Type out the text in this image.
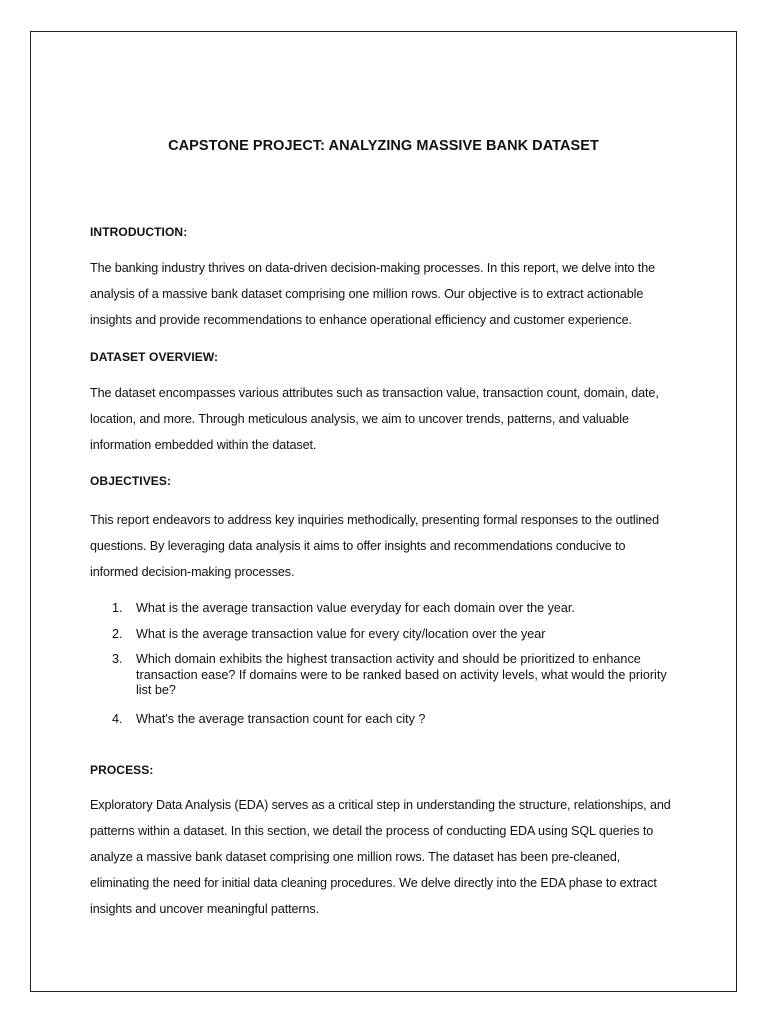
CAPSTONE PROJECT: ANALYZING MASSIVE BANK DATASET
INTRODUCTION:
The banking industry thrives on data-driven decision-making processes. In this report, we delve into the
analysis of a massive bank dataset comprising one million rows. Our objective is to extract actionable
insights and provide recommendations to enhance operational efficiency and customer experience.
DATASET OVERVIEW:
The dataset encompasses various attributes such as transaction value, transaction count, domain, date,
location, and more. Through meticulous analysis, we aim to uncover trends, patterns, and valuable
information embedded within the dataset.
OBJECTIVES:
This report endeavors to address key inquiries methodically, presenting formal responses to the outlined
questions. By leveraging data analysis it aims to offer insights and recommendations conducive to
informed decision-making processes.
1. What is the average transaction value everyday for each domain over the year.
2. What is the average transaction value for every city/location over the year
3. Which domain exhibits the highest transaction activity and should be prioritized to enhance
transaction ease? If domains were to be ranked based on activity levels, what would the priority
list be?
4. What's the average transaction count for each city ?
PROCESS:
Exploratory Data Analysis (EDA) serves as a critical step in understanding the structure, relationships, and
patterns within a dataset. In this section, we detail the process of conducting EDA using SQL queries to
analyze a massive bank dataset comprising one million rows. The dataset has been pre-cleaned,
eliminating the need for initial data cleaning procedures. We delve directly into the EDA phase to extract
insights and uncover meaningful patterns.
